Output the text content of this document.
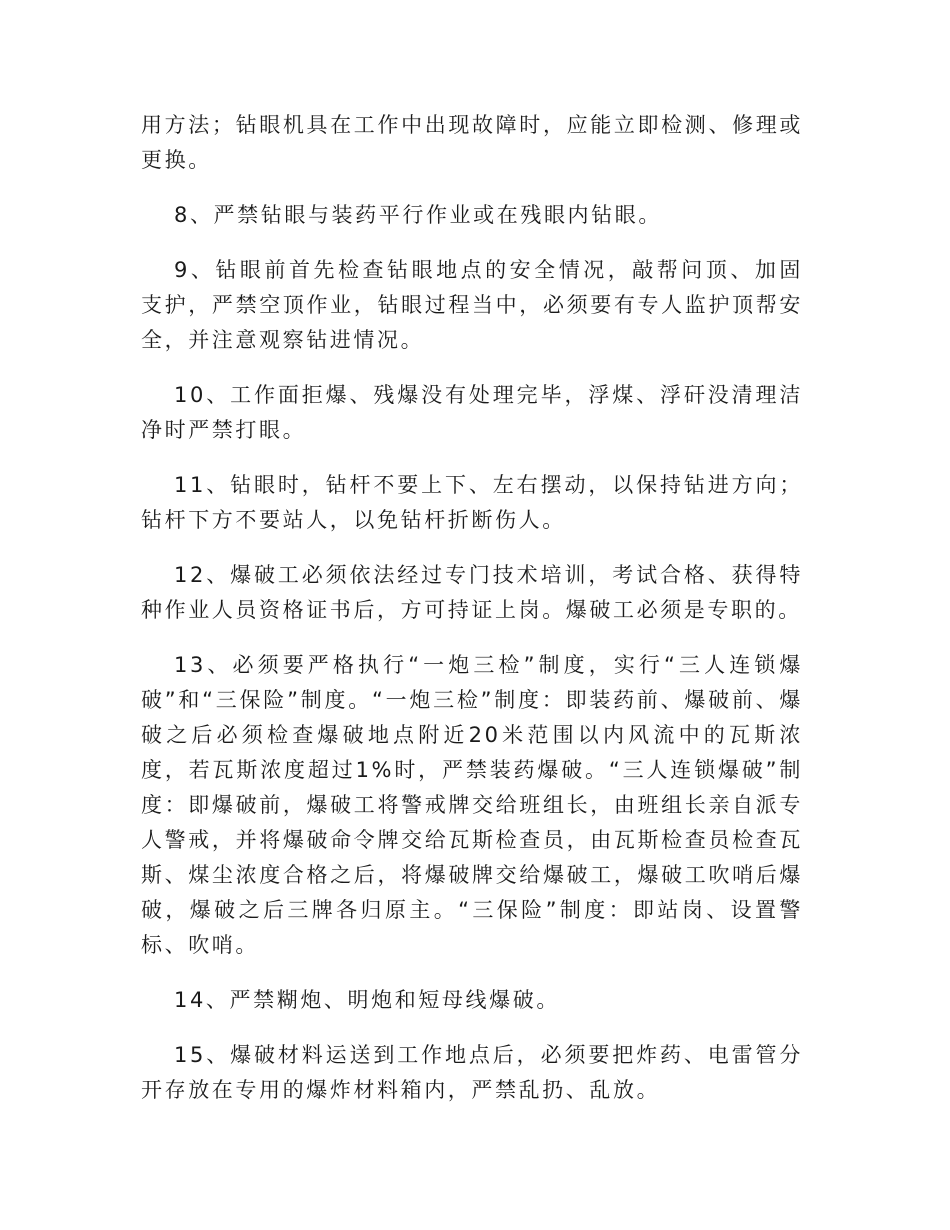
用方法；钻眼机具在工作中出现故障时，应能立即检测、修理或更换。

8、严禁钻眼与装药平行作业或在残眼内钻眼。

9、钻眼前首先检查钻眼地点的安全情况，敲帮问顶、加固支护，严禁空顶作业，钻眼过程当中，必须要有专人监护顶帮安全，并注意观察钻进情况。

10、工作面拒爆、残爆没有处理完毕，浮煤、浮矸没清理洁净时严禁打眼。

11、钻眼时，钻杆不要上下、左右摆动，以保持钻进方向；钻杆下方不要站人，以免钻杆折断伤人。

12、爆破工必须依法经过专门技术培训，考试合格、获得特种作业人员资格证书后，方可持证上岗。爆破工必须是专职的。

13、必须要严格执行“一炮三检”制度，实行“三人连锁爆破”和“三保险”制度。“一炮三检”制度：即装药前、爆破前、爆破之后必须检查爆破地点附近20米范围以内风流中的瓦斯浓度，若瓦斯浓度超过1%时，严禁装药爆破。“三人连锁爆破”制度：即爆破前，爆破工将警戒牌交给班组长，由班组长亲自派专人警戒，并将爆破命令牌交给瓦斯检查员，由瓦斯检查员检查瓦斯、煤尘浓度合格之后，将爆破牌交给爆破工，爆破工吹哨后爆破，爆破之后三牌各归原主。“三保险”制度：即站岗、设置警标、吹哨。

14、严禁糊炮、明炮和短母线爆破。

15、爆破材料运送到工作地点后，必须要把炸药、电雷管分开存放在专用的爆炸材料箱内，严禁乱扔、乱放。
